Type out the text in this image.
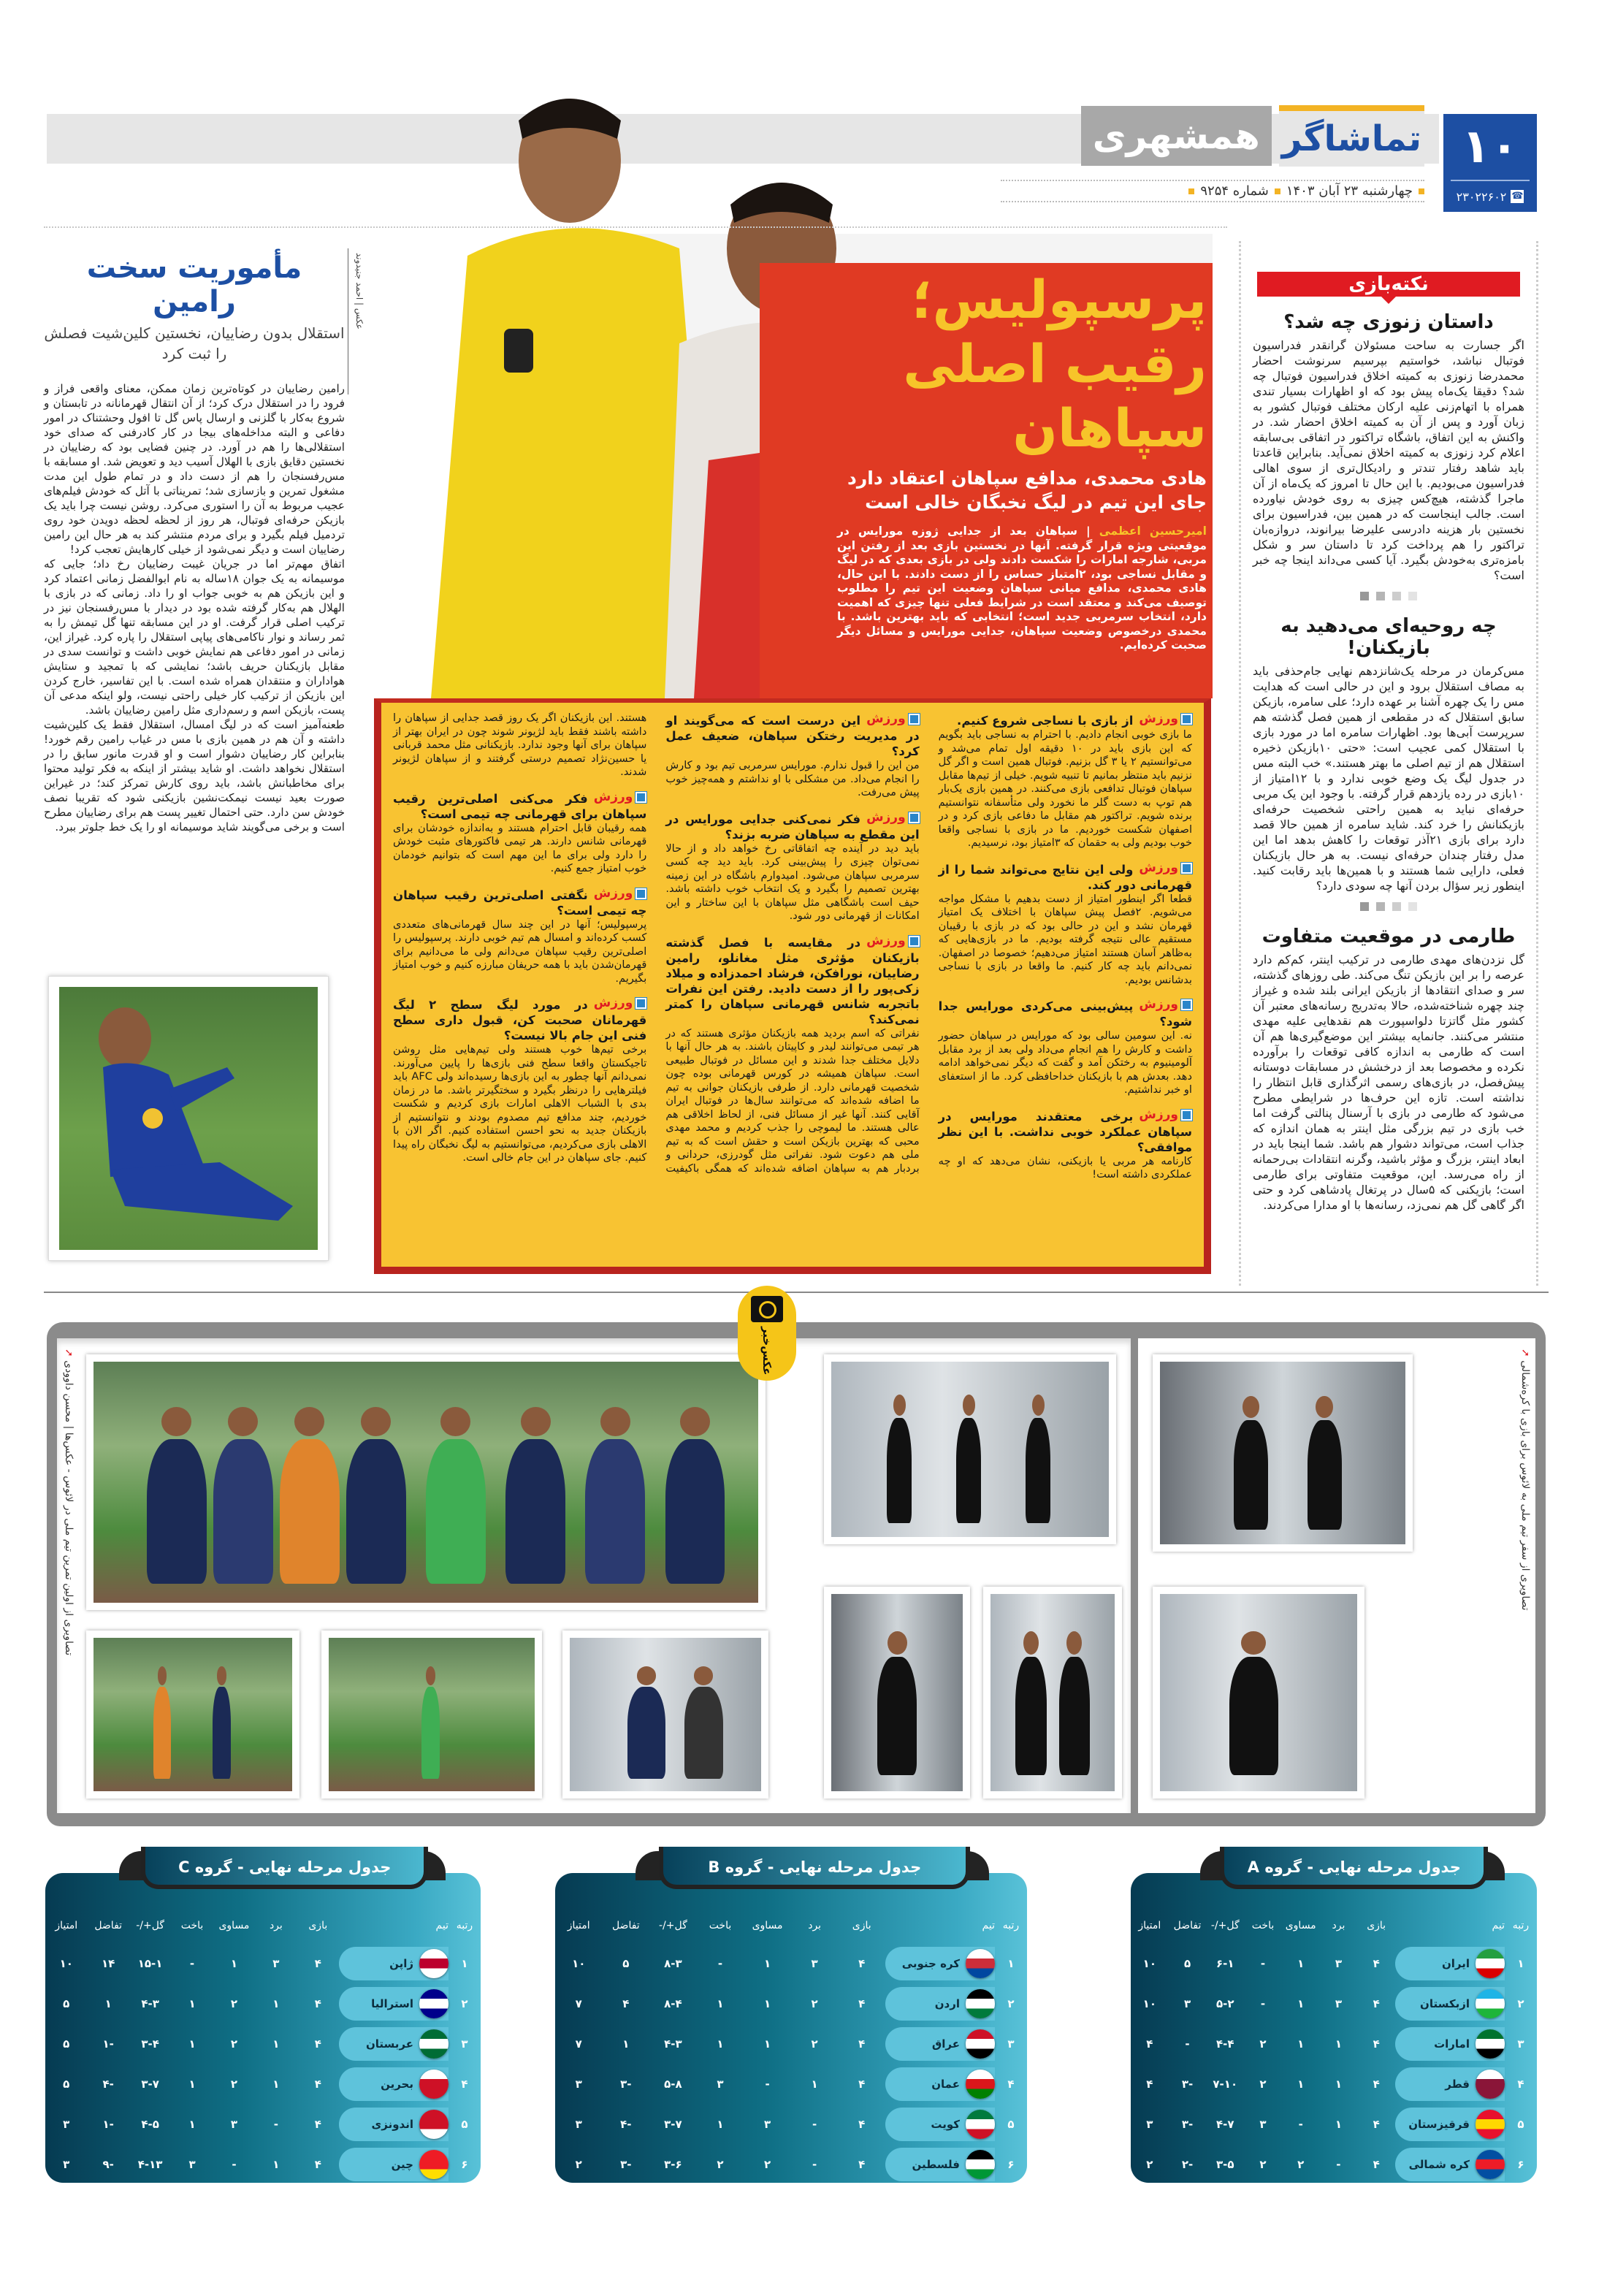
تماشاگر
همشهری	۱۰
۲۳۰۲۲۶۰۲ ☎
چهارشنبه ۲۳ آبان ۱۴۰۳
شماره ۹۲۵۴
نکته‌بازی
داستان زنوزی چه شد؟

اگر جسارت به ساحت مسئولان گرانقدر فدراسیون فوتبال نباشد، خواستیم بپرسیم سرنوشت احضار محمدرضا زنوزی به کمیته اخلاق فدراسیون فوتبال چه شد؟ دقیقا یک‌ماه پیش بود که او اظهارات بسیار تندی همراه با اتهام‌زنی علیه ارکان مختلف فوتبال کشور به زبان آورد و پس از آن به کمیته اخلاق احضار شد. در واکنش به این اتفاق، باشگاه تراکتور در اتفاقی بی‌سابقه اعلام کرد زنوزی به کمیته اخلاق نمی‌آید. بنابراین قاعدتا باید شاهد رفتار تندتر و رادیکال‌تری از سوی اهالی فدراسیون می‌بودیم. با این حال تا امروز که یک‌ماه از آن ماجرا گذشته، هیچ‌کس چیزی به روی خودش نیاورده است. جالب اینجاست که در همین بین، فدراسیون برای نخستین بار هزینه دادرسی علیرضا بیرانوند، دروازه‌بان تراکتور را هم پرداخت کرد تا داستان سر و شکل بامزه‌تری به‌خودش بگیرد. آیا کسی می‌داند اینجا چه خبر است؟

چه روحیه‌ای می‌دهید به بازیکنان!

مس‌کرمان در مرحله یک‌شانزدهم نهایی جام‌حذفی باید به مصاف استقلال برود و این در حالی است که هدایت مس را یک چهره آشنا بر عهده دارد؛ علی سامره، بازیکن سابق استقلال که در مقطعی از همین فصل گذشته هم سرپرست آبی‌ها بود. اظهارات سامره اما در مورد بازی با استقلال کمی عجیب است: «حتی ۱۰بازیکن ذخیره استقلال هم از تیم اصلی ما بهتر هستند.» خب البته مس در جدول لیگ یک وضع خوبی ندارد و با ۱۲امتیاز از ۱۰بازی در رده یازدهم قرار گرفته. با وجود این یک مربی حرفه‌ای نباید به همین راحتی شخصیت حرفه‌ای بازیکنانش را خرد کند. شاید سامره از همین حالا قصد دارد برای بازی ۲۱آذر توقعات را کاهش بدهد اما این مدل رفتار چندان حرفه‌ای نیست. به هر حال بازیکنان فعلی، دارایی شما هستند و با همین‌ها باید رقابت کنید. اینطور زیر سؤال بردن آنها چه سودی دارد؟

طارمی در موقعیت متفاوت

گل نزدن‌های مهدی طارمی در ترکیب اینتر، کم‌کم دارد عرصه را بر این بازیکن تنگ می‌کند. طی روزهای گذشته، سر و صدای انتقادها از بازیکن ایرانی بلند شده و غیراز چند چهره شناخته‌شده، حالا به‌تدریج رسانه‌های معتبر آن کشور مثل گاتزتا دلواسپورت هم نقدهایی علیه مهدی منتشر می‌کنند. جانمایه بیشتر این موضع‌گیری‌ها هم آن است که طارمی به اندازه کافی توقعات را برآورده نکرده و مخصوصا بعد از درخشش در مسابقات دوستانه پیش‌فصل، در بازی‌های رسمی اثرگذاری قابل انتظار را نداشته است. تازه این حرف‌ها در شرایطی مطرح می‌شود که طارمی در بازی با آرسنال پنالتی گرفت اما خب بازی در تیم بزرگی مثل اینتر به همان اندازه که جذاب است، می‌تواند دشوار هم باشد. شما اینجا باید در ابعاد اینتر، بزرگ و مؤثر باشید، وگرنه انتقادات بی‌رحمانه از راه می‌رسد. این، موقعیت متفاوتی برای طارمی است؛ بازیکنی که ۵سال در پرتغال پادشاهی کرد و حتی اگر گاهی گل هم نمی‌زد، رسانه‌ها با او مدارا می‌کردند.

عکس | احمد جنیدوند	پرسپولیس؛ رقیب اصلی سپاهان
هادی محمدی، مدافع سپاهان اعتقاد دارد جای این تیم در لیگ نخبگان خالی است
امیرحسین اعظمی | سپاهان بعد از جدایی ژوزه مورایس در موقعیتی ویژه قرار گرفته. آنها در نخستین بازی بعد از رفتن این مربی، شارجه امارات را شکست دادند ولی در بازی بعدی که در لیگ و مقابل نساجی بود، ۲امتیاز حساس را از دست دادند. با این حال، هادی محمدی، مدافع میانی سپاهان وضعیت این تیم را مطلوب توصیف می‌کند و معتقد است در شرایط فعلی تنها چیزی که اهمیت دارد، انتخاب سرمربی جدید است؛ انتخابی که باید بهترین باشد. با محمدی درخصوص وضعیت سپاهان، جدایی مورایس و مسائل دیگر صحبت کرده‌ایم.
ورزش
از بازی با نساجی شروع کنیم.
ما بازی خوبی انجام دادیم. با احترام به نساجی باید بگویم که این بازی باید در ۱۰ دقیقه اول تمام می‌شد و می‌توانستیم ۲ یا ۳ گل بزنیم. فوتبال همین است و اگر گل نزنیم باید منتظر بمانیم تا تنبیه شویم. خیلی از تیم‌ها مقابل سپاهان فوتبال تدافعی بازی می‌کنند. در همین بازی یک‌بار هم توپ به دست گلر ما نخورد ولی متأسفانه نتوانستیم برنده شویم. تراکتور هم مقابل ما دفاعی بازی کرد و در اصفهان شکست خوردیم. ما در بازی با نساجی واقعا خوب بودیم ولی به حقمان که ۳امتیاز بود، نرسیدیم.
ورزش
ولی این نتایج می‌تواند شما را از قهرمانی دور کند.
قطعا اگر اینطور امتیاز از دست بدهیم با مشکل مواجه می‌شویم. ۲فصل پیش سپاهان با اختلاف یک امتیاز قهرمان نشد و این در حالی بود که در بازی با رقیبان مستقیم عالی نتیجه گرفته بودیم. ما در بازی‌هایی که به‌ظاهر آسان هستند امتیاز می‌دهیم؛ خصوصا در اصفهان. نمی‌دانم باید چه کار کنیم. ما واقعا در بازی با نساجی بدشانس بودیم.
ورزش
پیش‌بینی می‌کردی مورایس جدا شود؟
نه. این سومین سالی بود که مورایس در سپاهان حضور داشت و کارش را هم انجام می‌داد ولی بعد از برد مقابل آلومینیوم به رختکن آمد و گفت که دیگر نمی‌خواهد ادامه دهد. بعدش هم با بازیکنان خداحافظی کرد. ما از استعفای او خبر نداشتیم.
ورزش
برخی معتقدند مورایس در سپاهان عملکرد خوبی نداشت. با این نظر موافقی؟
کارنامه هر مربی یا بازیکنی، نشان می‌دهد که او چه عملکردی داشته است!
ورزش
این درست است که می‌گویند او در مدیریت رختکن سپاهان، ضعیف عمل کرد؟
من این را قبول ندارم. مورایس سرمربی تیم بود و کارش را انجام می‌داد. من مشکلی با او نداشتم و همه‌چیز خوب پیش می‌رفت.
ورزش
فکر نمی‌کنی جدایی مورایس در این مقطع به سپاهان ضربه بزند؟
باید دید در آینده چه اتفاقاتی رخ خواهد داد و از حالا نمی‌توان چیزی را پیش‌بینی کرد. باید دید چه کسی سرمربی سپاهان می‌شود. امیدوارم باشگاه در این زمینه بهترین تصمیم را بگیرد و یک انتخاب خوب داشته باشد. حیف است باشگاهی مثل سپاهان با این ساختار و این امکانات از قهرمانی دور شود.
ورزش
در مقایسه با فصل گذشته بازیکنان مؤثری مثل مغانلو، رامین رضاییان، نورافکن، فرشاد احمدزاده و میلاد زکی‌پور را از دست دادید. رفتن این نفرات باتجربه شانس قهرمانی سپاهان را کمتر نمی‌کند؟
نفراتی که اسم بردید همه بازیکنان مؤثری هستند که در هر تیمی می‌توانند لیدر و کاپیتان باشند. به هر حال آنها با دلایل مختلف جدا شدند و این مسائل در فوتبال طبیعی است. سپاهان همیشه در کورس قهرمانی بوده چون شخصیت قهرمانی دارد. از طرفی بازیکنان جوانی به تیم ما اضافه شده‌اند که می‌توانند سال‌ها در فوتبال ایران آقایی کنند. آنها غیر از مسائل فنی، از لحاظ اخلاقی هم عالی هستند. ما لیموچی را جذب کردیم و محمد مهدی محبی که بهترین بازیکن است و حقش است که به تیم ملی هم دعوت شود. نفراتی مثل گودرزی، حردانی و بردبار هم به سپاهان اضافه شده‌اند که همگی باکیفیت هستند. این بازیکنان اگر یک روز قصد جدایی از سپاهان را داشته باشند فقط باید لژیونر شوند چون در ایران بهتر از سپاهان برای آنها وجود ندارد. بازیکنانی مثل محمد قربانی یا حسین‌نژاد تصمیم درستی گرفتند و از سپاهان لژیونر شدند.
ورزش
فکر می‌کنی اصلی‌ترین رقیب سپاهان برای قهرمانی چه تیمی است؟
همه رقیبان قابل احترام هستند و به‌اندازه خودشان برای قهرمانی شانس دارند. هر تیمی فاکتورهای مثبت خودش را دارد ولی برای ما این مهم است که بتوانیم خودمان خوب امتیاز جمع کنیم.
ورزش
نگفتی اصلی‌ترین رقیب سپاهان چه تیمی است؟
پرسپولیس؛ آنها در این چند سال قهرمانی‌های متعددی کسب کرده‌اند و امسال هم تیم خوبی دارند. پرسپولیس را اصلی‌ترین رقیب سپاهان می‌دانم ولی ما می‌دانیم برای قهرمان‌شدن باید با همه حریفان مبارزه کنیم و خوب امتیاز بگیریم.
ورزش
در مورد لیگ سطح ۲ لیگ قهرمانان صحبت کن، قبول داری سطح فنی این جام بالا نیست؟
برخی تیم‌ها خوب هستند ولی تیم‌هایی مثل روشن تاجیکستان واقعا سطح فنی بازی‌ها را پایین می‌آورند. نمی‌دانم آنها چطور به این بازی‌ها رسیده‌اند ولی AFC باید فیلترهایی را درنظر بگیرد و سختگیرتر باشد. ما در زمان بدی با الشباب الاهلی امارات بازی کردیم و شکست خوردیم، چند مدافع تیم مصدوم بودند و نتوانستیم از بازیکنان جدید به نحو احسن استفاده کنیم. اگر الان با الاهلی بازی می‌کردیم، می‌توانستیم به لیگ نخبگان راه پیدا کنیم. جای سپاهان در این جام خالی است.
مأموریت سخت رامین
استقلال بدون رضاییان، نخستین کلین‌شیت فصلش را ثبت کرد

رامین رضاییان در کوتاه‌ترین زمان ممکن، معنای واقعی فراز و فرود را در استقلال درک کرد؛ از آن انتقال قهرمانانه در تابستان و شروع به‌کار با گلزنی و ارسال پاس گل تا افول وحشتناک در امور دفاعی و البته مداخله‌های بیجا در کار کادرفنی که صدای خود استقلالی‌ها را هم در آورد. در چنین فضایی بود که رضاییان در نخستین دقایق بازی با الهلال آسیب دید و تعویض شد. او مسابقه با مس‌رفسنجان را هم از دست داد و در تمام طول این مدت مشغول تمرین و بازسازی شد؛ تمریناتی با آتل که خودش فیلم‌های عجیب مربوط به آن را استوری می‌کرد. روشن نیست چرا باید یک بازیکن حرفه‌ای فوتبال، هر روز از لحظه لحظه دویدن خود روی تردمیل فیلم بگیرد و برای مردم منتشر کند به هر حال این رامین رضاییان است و دیگر نمی‌شود از خیلی کارهایش تعجب کرد!

اتفاق مهم‌تر اما در جریان غیبت رضاییان رخ داد؛ جایی که موسیمانه به یک جوان ۱۸ساله به نام ابوالفضل زمانی اعتماد کرد و این بازیکن هم به خوبی جواب او را داد. زمانی که در بازی با الهلال هم به‌کار گرفته شده بود در دیدار با مس‌رفسنجان نیز در ترکیب اصلی قرار گرفت. او در این مسابقه تنها گل تیمش را به ثمر رساند و نوار ناکامی‌های پیاپی استقلال را پاره کرد. غیراز این، زمانی در امور دفاعی هم نمایش خوبی داشت و توانست سدی در مقابل بازیکنان حریف باشد؛ نمایشی که با تمجید و ستایش هواداران و منتقدان همراه شده است. با این تفاسیر، خارج کردن این بازیکن از ترکیب کار خیلی راحتی نیست، ولو اینکه مدعی آن پست، بازیکن اسم و رسم‌داری مثل رامین رضاییان باشد.

طعنه‌آمیز است که در لیگ امسال، استقلال فقط یک کلین‌شیت داشته و آن هم در همین بازی با مس در غیاب رامین رقم خورد! بنابراین کار رضاییان دشوار است و او قدرت مانور سابق را در استقلال نخواهد داشت. او شاید بیشتر از اینکه به فکر تولید محتوا برای مخاطبانش باشد، باید روی کارش تمرکز کند؛ در غیراین صورت بعید نیست نیمکت‌نشین بازیکنی شود که تقریبا نصف خودش سن دارد. حتی احتمال تغییر پست هم برای رضاییان مطرح است و برخی می‌گویند شاید موسیمانه او را یک خط جلوتر ببرد.

➚ تصاویری از اولین تمرین تیم ملی در لائوس - عکس‌ها | محسن داوودی
➚ تصاویری از سفر تیم ملی به لائوس برای بازی با کره‌شمالی
عکس‌خبر
جدول مرحله نهایی - گروه A
رتبه
تیم
بازی
برد
مساوی
باخت
گل+/-
تفاضل
امتیاز
۱
ایران
۴
۳
۱
-
۶-۱
۵
۱۰
۲
ازبکستان
۴
۳
۱
-
۵-۲
۳
۱۰
۳
امارات
۴
۱
۱
۲
۴-۴
-
۴
۴
قطر
۴
۱
۱
۲
۷-۱۰
-۳
۴
۵
قرقیزستان
۴
۱
-
۳
۴-۷
-۳
۳
۶
کره شمالی
۴
-
۲
۲
۳-۵
-۲
۲
جدول مرحله نهایی - گروه B
رتبه
تیم
بازی
برد
مساوی
باخت
گل+/-
تفاضل
امتیاز
۱
کره جنوبی
۴
۳
۱
-
۸-۳
۵
۱۰
۲
اردن
۴
۲
۱
۱
۸-۴
۴
۷
۳
عراق
۴
۲
۱
۱
۴-۳
۱
۷
۴
عمان
۴
۱
-
۳
۵-۸
-۳
۳
۵
کویت
۴
-
۳
۱
۳-۷
-۴
۳
۶
فلسطین
۴
-
۲
۲
۳-۶
-۳
۲
جدول مرحله نهایی - گروه C
رتبه
تیم
بازی
برد
مساوی
باخت
گل+/-
تفاضل
امتیاز
۱
ژاپن
۴
۳
۱
-
۱۵-۱
۱۴
۱۰
۲
استرالیا
۴
۱
۲
۱
۴-۳
۱
۵
۳
عربستان
۴
۱
۲
۱
۳-۴
-۱
۵
۴
بحرین
۴
۱
۲
۱
۳-۷
-۴
۵
۵
اندونزی
۴
-
۳
۱
۴-۵
-۱
۳
۶
چین
۴
۱
-
۳
۴-۱۳
-۹
۳
